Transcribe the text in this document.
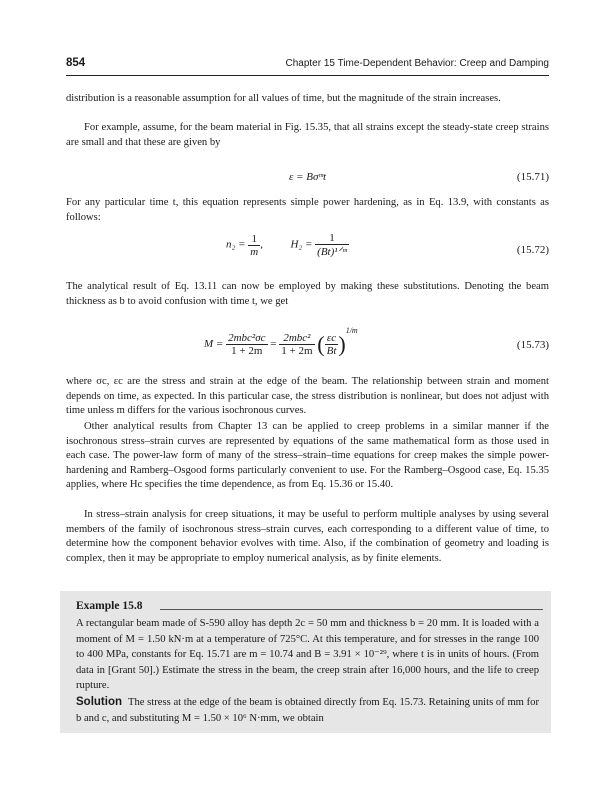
854	Chapter 15 Time-Dependent Behavior: Creep and Damping
distribution is a reasonable assumption for all values of time, but the magnitude of the strain increases.
For example, assume, for the beam material in Fig. 15.35, that all strains except the steady-state creep strains are small and that these are given by
ε = Bσᵐt	(15.71)
For any particular time t, this equation represents simple power hardening, as in Eq. 13.9, with constants as follows:
$n_2 = \frac{1}{m}$ ,	$H_2 = \frac{1}{\text{(Bt)¹ᐟᵐ}}$	(15.72)
The analytical result of Eq. 13.11 can now be employed by making these substitutions. Denoting the beam thickness as b to avoid confusion with time t, we get
$M = \frac{\text{2mbc²σc}}{1 + 2m} = \frac{\text{2mbc²}}{1 + 2m}$ ( $\frac{\varepsilon c}{Bt} )^{1/m}$
(15.73)
where σc, εc are the stress and strain at the edge of the beam. The relationship between strain and moment depends on time, as expected. In this particular case, the stress distribution is nonlinear, but does not adjust with time unless m differs for the various isochronous curves.
Other analytical results from Chapter 13 can be applied to creep problems in a similar manner if the isochronous stress–strain curves are represented by equations of the same mathematical form as those used in each case. The power-law form of many of the stress–strain–time equations for creep makes the simple power-hardening and Ramberg–Osgood forms particularly convenient to use. For the Ramberg–Osgood case, Eq. 15.35 applies, where Hc specifies the time dependence, as from Eq. 15.36 or 15.40.
In stress–strain analysis for creep situations, it may be useful to perform multiple analyses by using several members of the family of isochronous stress–strain curves, each corresponding to a different value of time, to determine how the component behavior evolves with time. Also, if the combination of geometry and loading is complex, then it may be appropriate to employ numerical analysis, as by finite elements.
Example 15.8
A rectangular beam made of S-590 alloy has depth 2c = 50 mm and thickness b = 20 mm. It is loaded with a moment of M = 1.50 kN·m at a temperature of 725°C. At this temperature, and for stresses in the range 100 to 400 MPa, constants for Eq. 15.71 are m = 10.74 and B = 3.91 × 10⁻²⁹, where t is in units of hours. (From data in [Grant 50].) Estimate the stress in the beam, the creep strain after 16,000 hours, and the life to creep rupture.
Solution The stress at the edge of the beam is obtained directly from Eq. 15.73. Retaining units of mm for b and c, and substituting M = 1.50 × 10⁶ N·mm, we obtain
